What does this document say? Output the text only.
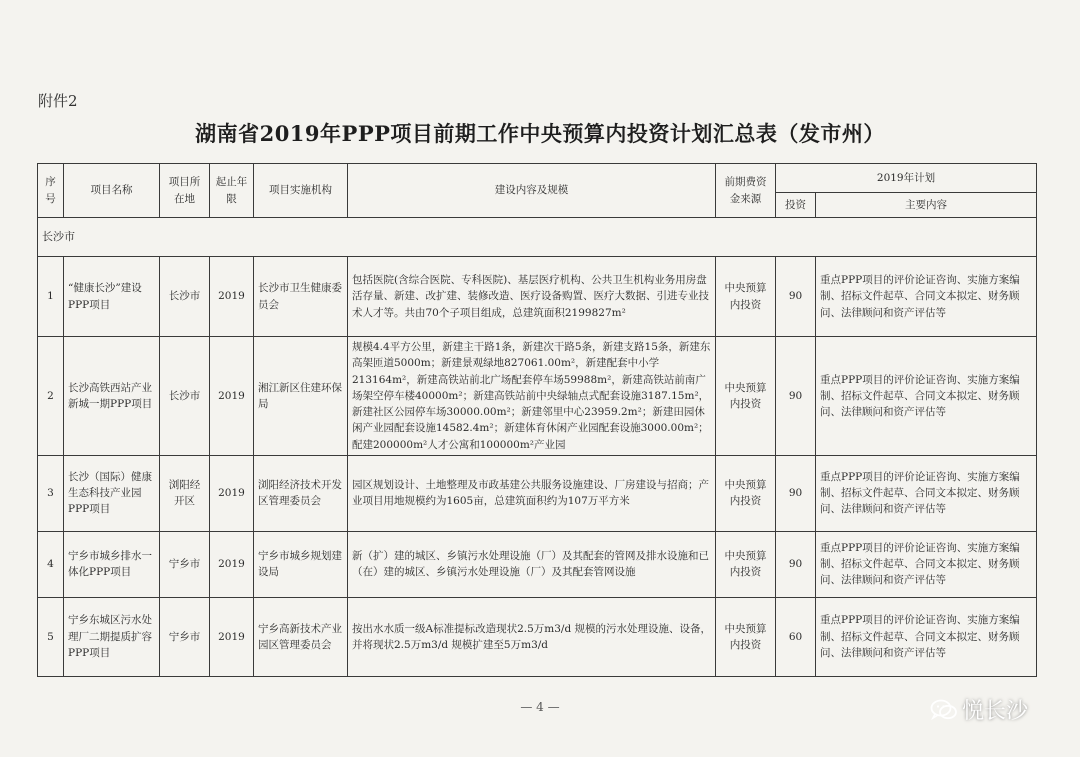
附件2
湖南省2019年PPP项目前期工作中央预算内投资计划汇总表（发市州）
序号	项目名称	项目所在地	起止年限	项目实施机构	建设内容及规模	前期费资金来源	2019年计划	
							投资	主要内容
长沙市								
1	“健康长沙”建设PPP项目	长沙市	2019	长沙市卫生健康委员会	包括医院(含综合医院、专科医院)、基层医疗机构、公共卫生机构业务用房盘活存量、新建、改扩建、装修改造、医疗设备购置、医疗大数据、引进专业技术人才等。共由70个子项目组成，总建筑面积2199827m²	中央预算内投资	90	重点PPP项目的评价论证咨询、实施方案编制、招标文件起草、合同文本拟定、财务顾问、法律顾问和资产评估等
2	长沙高铁西站产业新城一期PPP项目	长沙市	2019	湘江新区住建环保局	规模4.4平方公里，新建主干路1条，新建次干路5条，新建支路15条，新建东高架匝道5000m；新建景观绿地827061.00m²，新建配套中小学213164m²，新建高铁站前北广场配套停车场59988m²，新建高铁站前南广场架空停车楼40000m²；新建高铁站前中央绿轴点式配套设施3187.15m²，新建社区公园停车场30000.00m²；新建邻里中心23959.2m²；新建田园休闲产业园配套设施14582.4m²；新建体育休闲产业园配套设施3000.00m²；配建200000m²人才公寓和100000m²产业园	中央预算内投资	90	重点PPP项目的评价论证咨询、实施方案编制、招标文件起草、合同文本拟定、财务顾问、法律顾问和资产评估等
3	长沙（国际）健康生态科技产业园PPP项目	浏阳经开区	2019	浏阳经济技术开发区管理委员会	园区规划设计、土地整理及市政基建公共服务设施建设、厂房建设与招商；产业项目用地规模约为1605亩，总建筑面积约为107万平方米	中央预算内投资	90	重点PPP项目的评价论证咨询、实施方案编制、招标文件起草、合同文本拟定、财务顾问、法律顾问和资产评估等
4	宁乡市城乡排水一体化PPP项目	宁乡市	2019	宁乡市城乡规划建设局	新（扩）建的城区、乡镇污水处理设施（厂）及其配套的管网及排水设施和已（在）建的城区、乡镇污水处理设施（厂）及其配套管网设施	中央预算内投资	90	重点PPP项目的评价论证咨询、实施方案编制、招标文件起草、合同文本拟定、财务顾问、法律顾问和资产评估等
5	宁乡东城区污水处理厂二期提质扩容PPP项目	宁乡市	2019	宁乡高新技术产业园区管理委员会	按出水水质一级A标准提标改造现状2.5万m3/d 规模的污水处理设施、设备，并将现状2.5万m3/d 规模扩建至5万m3/d	中央预算内投资	60	重点PPP项目的评价论证咨询、实施方案编制、招标文件起草、合同文本拟定、财务顾问、法律顾问和资产评估等
— 4 —	悦长沙
